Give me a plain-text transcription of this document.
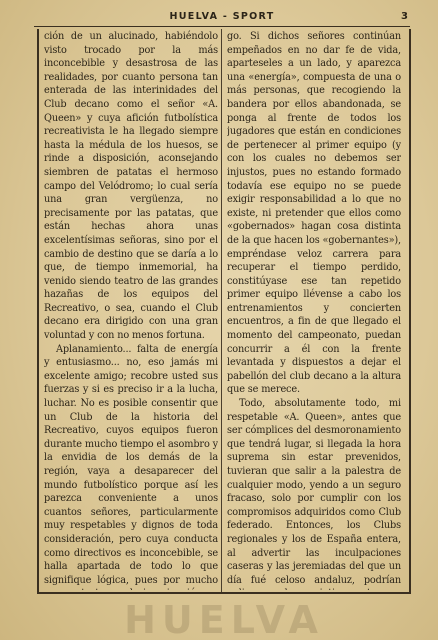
HUELVA - SPORT	3

ción de un alucinado, habiéndolo visto trocado por la más inconcebible y desastrosa de las realidades, por cuanto persona tan enterada de las interinidades del Club decano como el señor «A. Queen» y cuya afición futbolística recreativista le ha llegado siempre hasta la médula de los huesos, se rinde a disposición, aconsejando siembren de patatas el hermoso campo del Velódromo; lo cual sería una gran vergüenza, no precisamente por las patatas, que están hechas ahora unas excelentísimas señoras, sino por el cambio de destino que se daría a lo que, de tiempo inmemorial, ha venido siendo teatro de las grandes hazañas de los equipos del Recreativo, o sea, cuando el Club decano era dirigido con una gran voluntad y con no menos fortuna.

Aplanamiento... falta de energía y entusiasmo... no, eso jamás mi excelente amigo; recobre usted sus fuerzas y si es preciso ir a la lucha, luchar. No es posible consentir que un Club de la historia del Recreativo, cuyos equipos fueron durante mucho tiempo el asombro y la envidia de los demás de la región, vaya a desaparecer del mundo futbolístico porque así les parezca conveniente a unos cuantos señores, particularmente muy respetables y dignos de toda consideración, pero cuya conducta como directivos es inconcebible, se halla apartada de todo lo que signifique lógica, pues por mucho

go. Si dichos señores continúan empeñados en no dar fe de vida, aparteseles a un lado, y aparezca una «energía», compuesta de una o más personas, que recogiendo la bandera por ellos abandonada, se ponga al frente de todos los jugadores que están en condiciones de pertenecer al primer equipo (y con los cuales no debemos ser injustos, pues no estando formado todavía ese equipo no se puede exigir responsabilidad a lo que no existe, ni pretender que ellos como «gobernados» hagan cosa distinta de la que hacen los «gobernantes»), empréndase veloz carrera para recuperar el tiempo perdido, constitúyase ese tan repetido primer equipo llévense a cabo los entrenamientos y concierten encuentros, a fin de que llegado el momento del campeonato, puedan concurrir a él con la frente levantada y dispuestos a dejar el pabellón del club decano a la altura que se merece.

Todo, absolutamente todo, mi respetable «A. Queen», antes que ser cómplices del desmoronamiento que tendrá lugar, si llegada la hora suprema sin estar prevenidos, tuvieran que salir a la palestra de cualquier modo, yendo a un seguro fracaso, solo por cumplir con los compromisos adquiridos como Club federado. Entonces, los Clubs regionales y los de España entera, al advertir las inculpaciones caseras y las jeremiadas del que un día fué celoso andaluz, podrían

HUELVA
